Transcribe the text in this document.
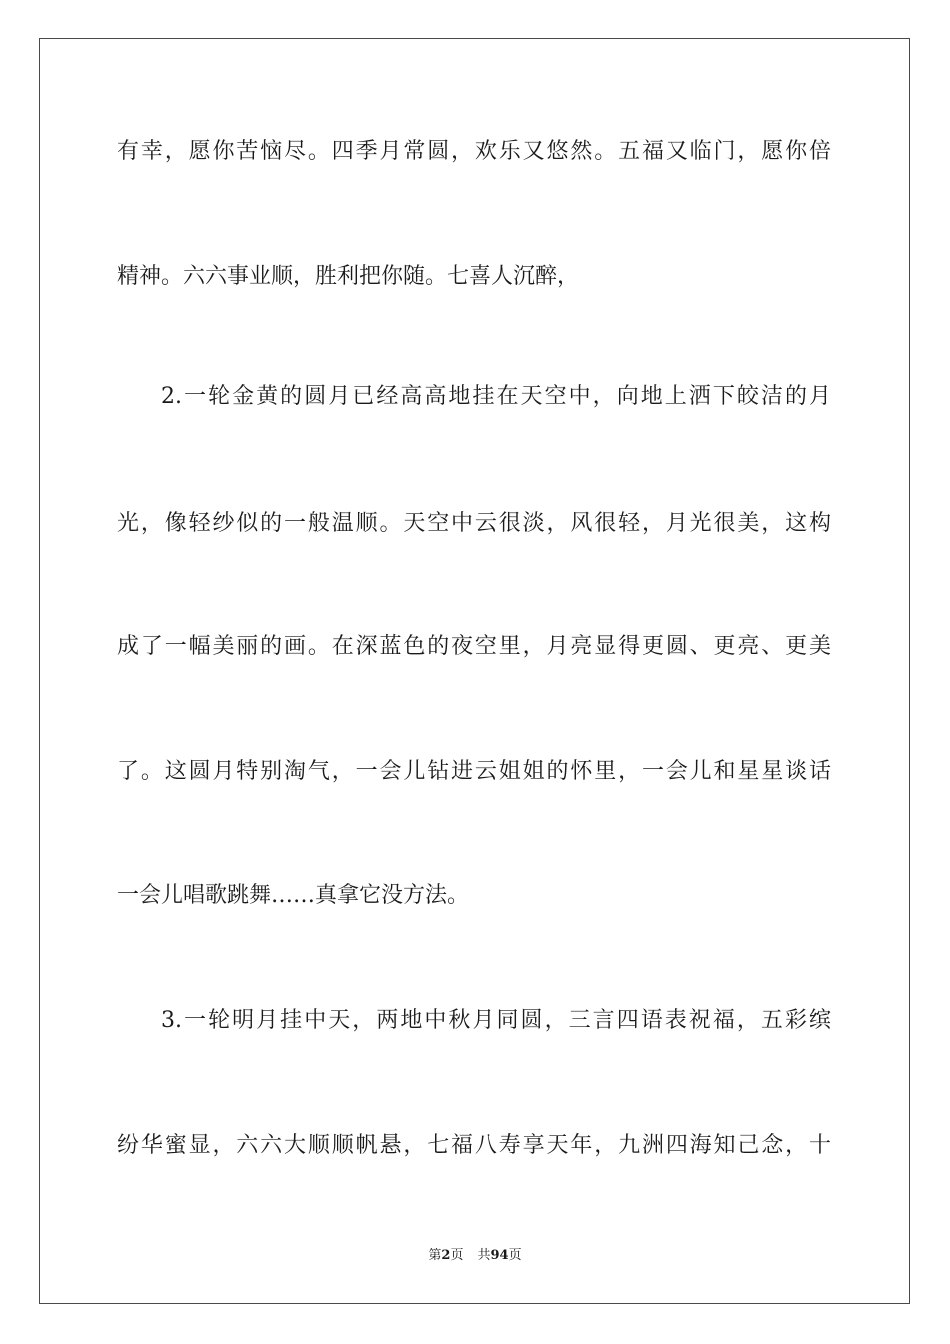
有幸，愿你苦恼尽。四季月常圆，欢乐又悠然。五福又临门，愿你倍
精神。六六事业顺，胜利把你随。七喜人沉醉，
2.一轮金黄的圆月已经高高地挂在天空中，向地上洒下皎洁的月
光，像轻纱似的一般温顺。天空中云很淡，风很轻，月光很美，这构
成了一幅美丽的画。在深蓝色的夜空里，月亮显得更圆、更亮、更美
了。这圆月特别淘气，一会儿钻进云姐姐的怀里，一会儿和星星谈话
一会儿唱歌跳舞……真拿它没方法。
3.一轮明月挂中天，两地中秋月同圆，三言四语表祝福，五彩缤
纷华蜜显，六六大顺顺帆悬，七福八寿享天年，九洲四海知己念，十
第2页 共94页
